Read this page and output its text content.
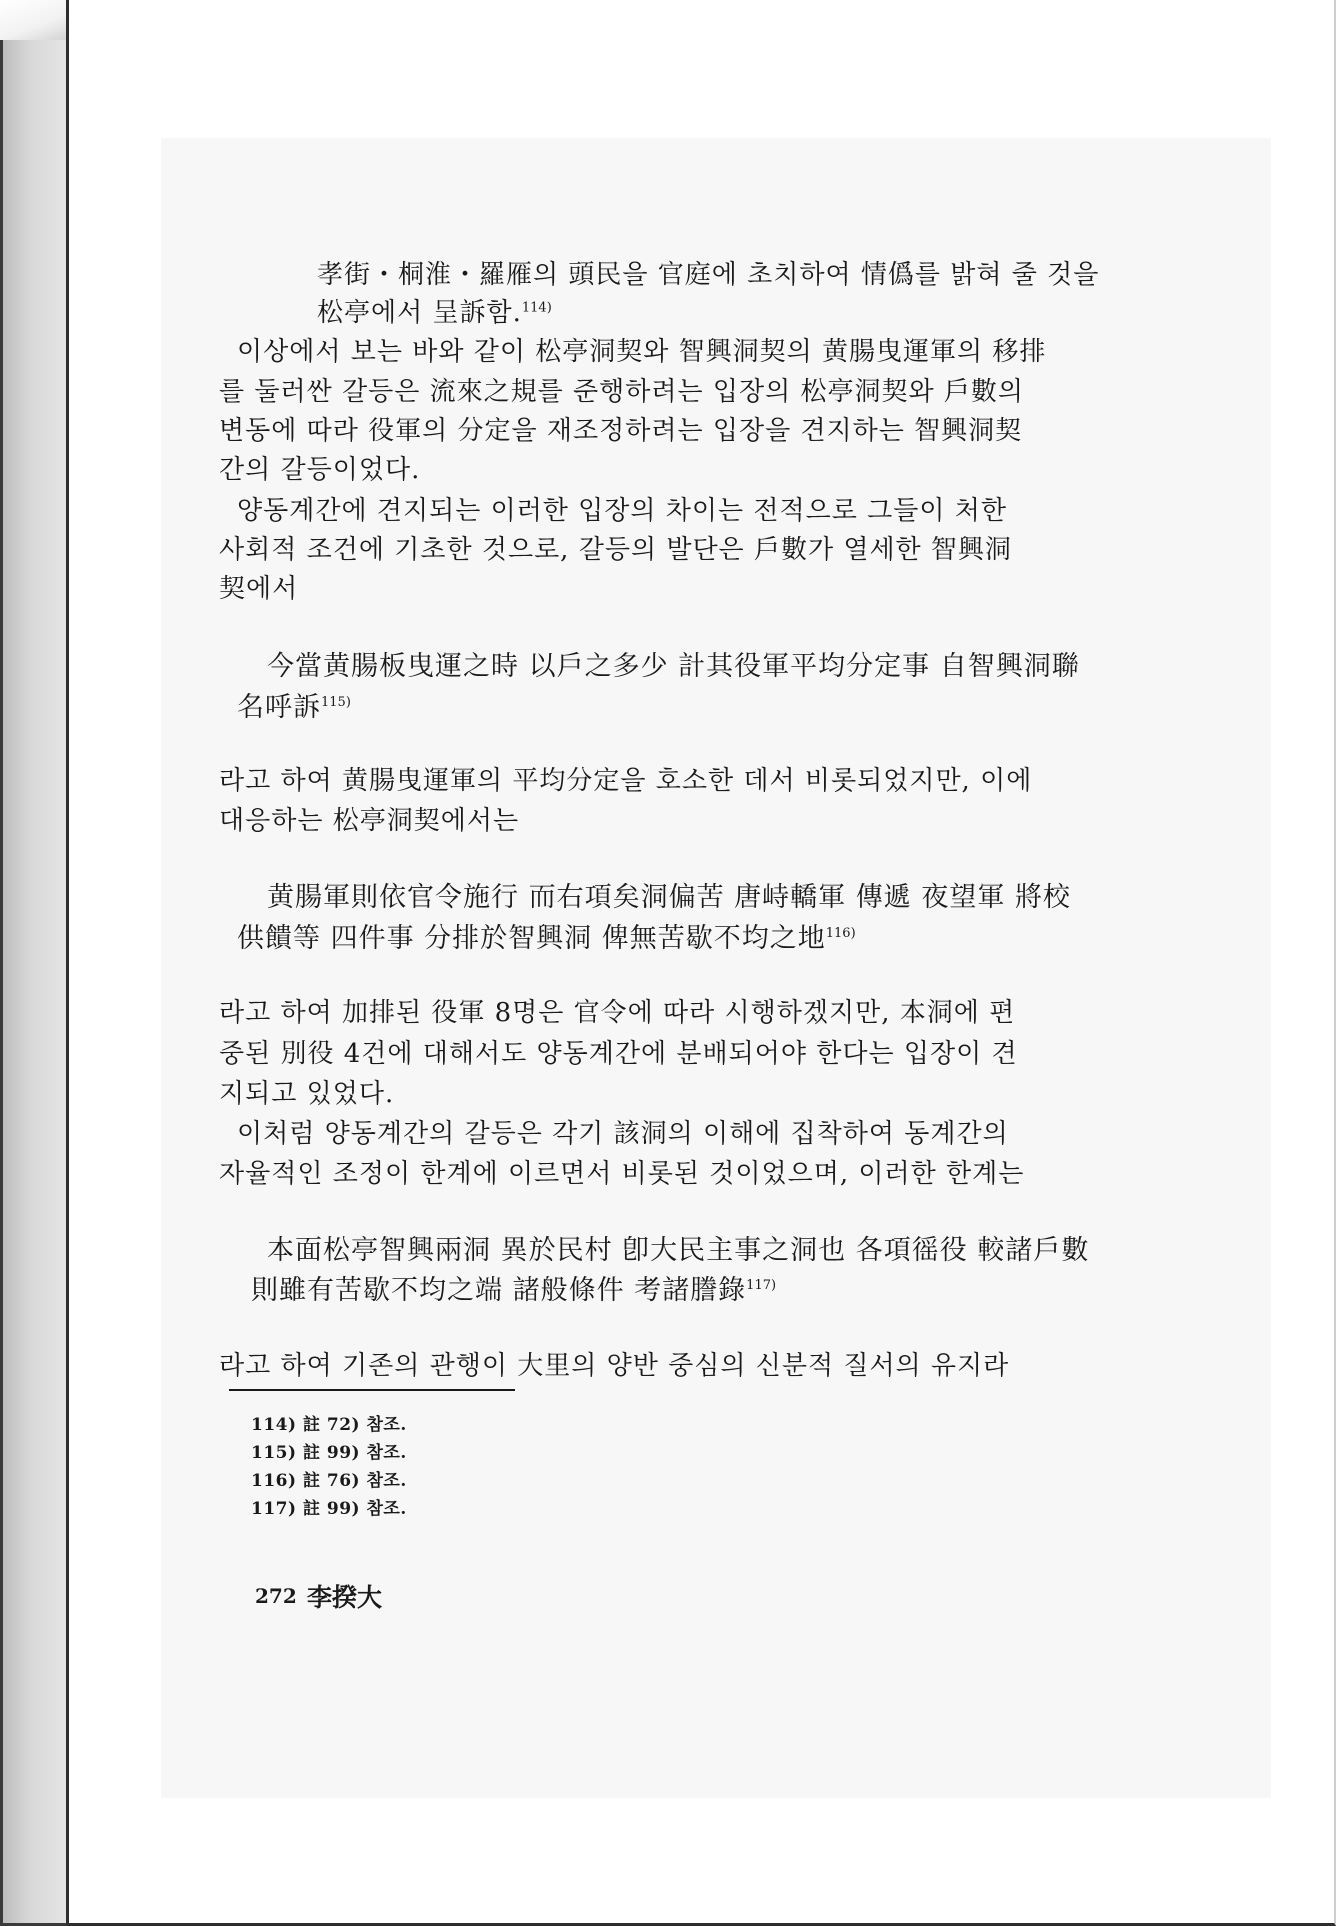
孝街・桐淮・羅雁의 頭民을 官庭에 초치하여 情僞를 밝혀 줄 것을
松亭에서 呈訴함.$^{114)}$
이상에서 보는 바와 같이 松亭洞契와 智興洞契의 黄腸曳運軍의 移排
를 둘러싼 갈등은 流來之規를 준행하려는 입장의 松亭洞契와 戶數의
변동에 따라 役軍의 分定을 재조정하려는 입장을 견지하는 智興洞契
간의 갈등이었다.
양동계간에 견지되는 이러한 입장의 차이는 전적으로 그들이 처한
사회적 조건에 기초한 것으로, 갈등의 발단은 戶數가 열세한 智興洞
契에서
今當黄腸板曳運之時 以戶之多少 計其役軍平均分定事 自智興洞聯
名呼訴$^{115)}$
라고 하여 黄腸曳運軍의 平均分定을 호소한 데서 비롯되었지만, 이에
대응하는 松亭洞契에서는
黄腸軍則依官令施行 而右項矣洞偏苦 唐峙轎軍 傳遞 夜望軍 將校
供饋等 四件事 分排於智興洞 俾無苦歇不均之地$^{116)}$
라고 하여 加排된 役軍 8명은 官令에 따라 시행하겠지만, 本洞에 편
중된 別役 4건에 대해서도 양동계간에 분배되어야 한다는 입장이 견
지되고 있었다.
이처럼 양동계간의 갈등은 각기 該洞의 이해에 집착하여 동계간의
자율적인 조정이 한계에 이르면서 비롯된 것이었으며, 이러한 한계는
本面松亭智興兩洞 異於民村 卽大民主事之洞也 各項徭役 較諸戶數
則雖有苦歇不均之端 諸般條件 考諸謄錄$^{117)}$
라고 하여 기존의 관행이 大里의 양반 중심의 신분적 질서의 유지라
114) 註 72) 참조.
115) 註 99) 참조.
116) 註 76) 참조.
117) 註 99) 참조.
272 李揆大
